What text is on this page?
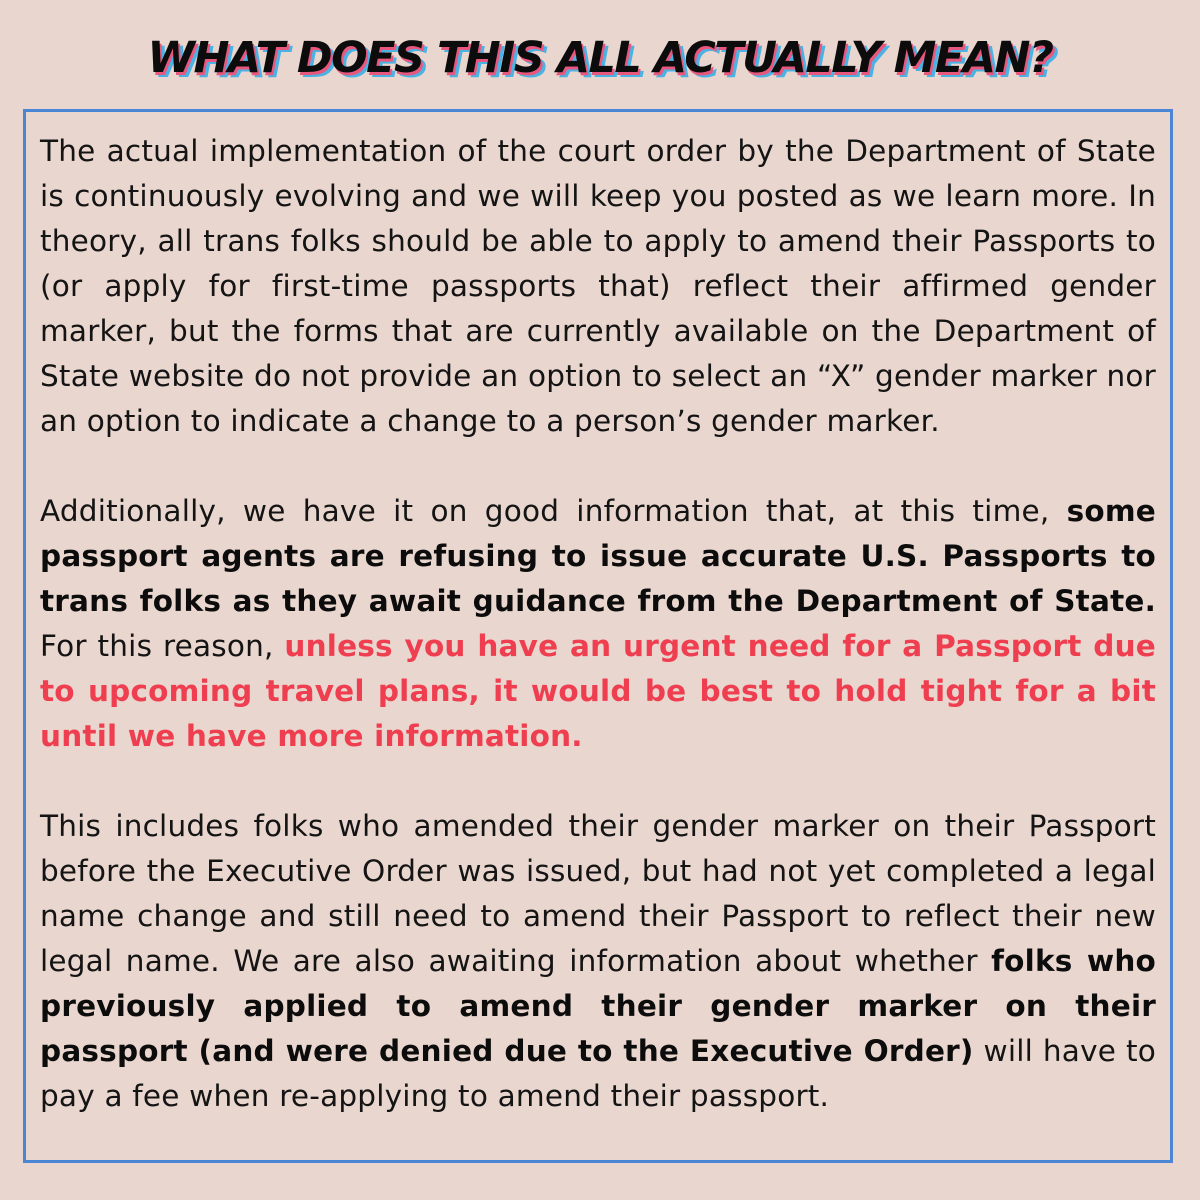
WHAT DOES THIS ALL ACTUALLY MEAN?

The actual implementation of the court order by the Department of State is continuously evolving and we will keep you posted as we learn more. In theory, all trans folks should be able to apply to amend their Passports to (or apply for first-time passports that) reflect their affirmed gender marker, but the forms that are currently available on the Department of State website do not provide an option to select an “X” gender marker nor an option to indicate a change to a person’s gender marker.

Additionally, we have it on good information that, at this time, some passport agents are refusing to issue accurate U.S. Passports to trans folks as they await guidance from the Department of State. For this reason, unless you have an urgent need for a Passport due to upcoming travel plans, it would be best to hold tight for a bit until we have more information.

This includes folks who amended their gender marker on their Passport before the Executive Order was issued, but had not yet completed a legal name change and still need to amend their Passport to reflect their new legal name. We are also awaiting information about whether folks who previously applied to amend their gender marker on their passport (and were denied due to the Executive Order) will have to pay a fee when re-applying to amend their passport.
